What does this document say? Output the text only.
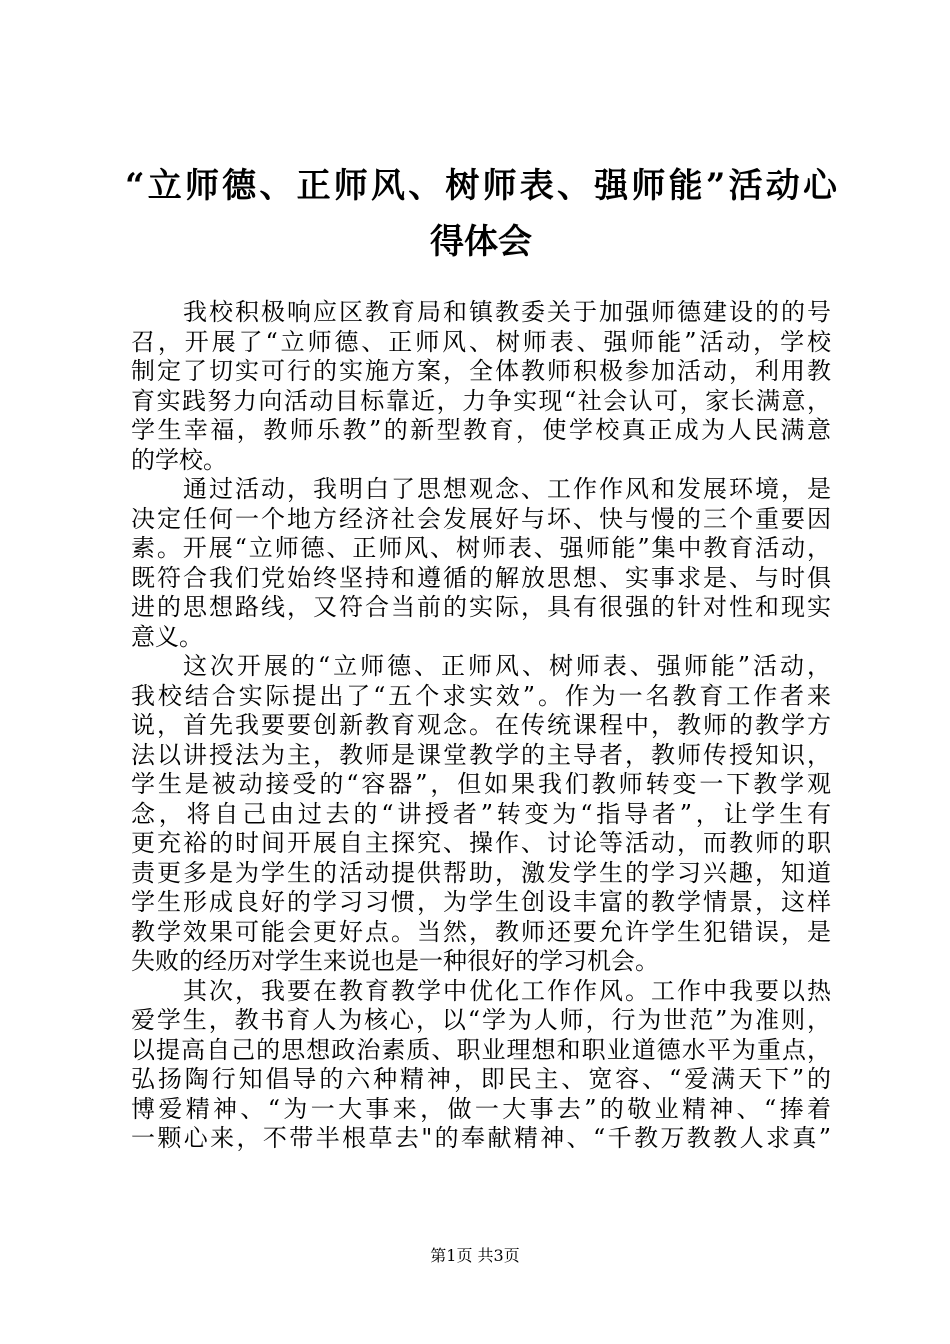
“立师德、正师风、树师表、强师能”活动心
得体会
我校积极响应区教育局和镇教委关于加强师德建设的的号
召，开展了“立师德、正师风、树师表、强师能”活动，学校
制定了切实可行的实施方案，全体教师积极参加活动，利用教
育实践努力向活动目标靠近，力争实现“社会认可，家长满意，
学生幸福，教师乐教”的新型教育，使学校真正成为人民满意
的学校。
通过活动，我明白了思想观念、工作作风和发展环境，是
决定任何一个地方经济社会发展好与坏、快与慢的三个重要因
素。开展“立师德、正师风、树师表、强师能”集中教育活动，
既符合我们党始终坚持和遵循的解放思想、实事求是、与时俱
进的思想路线，又符合当前的实际，具有很强的针对性和现实
意义。
这次开展的“立师德、正师风、树师表、强师能”活动，
我校结合实际提出了“五个求实效”。作为一名教育工作者来
说，首先我要要创新教育观念。在传统课程中，教师的教学方
法以讲授法为主，教师是课堂教学的主导者，教师传授知识，
学生是被动接受的“容器”，但如果我们教师转变一下教学观
念，将自己由过去的“讲授者”转变为“指导者”，让学生有
更充裕的时间开展自主探究、操作、讨论等活动，而教师的职
责更多是为学生的活动提供帮助，激发学生的学习兴趣，知道
学生形成良好的学习习惯，为学生创设丰富的教学情景，这样
教学效果可能会更好点。当然，教师还要允许学生犯错误，是
失败的经历对学生来说也是一种很好的学习机会。
其次，我要在教育教学中优化工作作风。工作中我要以热
爱学生，教书育人为核心，以“学为人师，行为世范”为准则，
以提高自己的思想政治素质、职业理想和职业道德水平为重点，
弘扬陶行知倡导的六种精神，即民主、宽容、“爱满天下”的
博爱精神、“为一大事来，做一大事去”的敬业精神、“捧着
一颗心来，不带半根草去"的奉献精神、“千教万教教人求真”
第1页 共3页
